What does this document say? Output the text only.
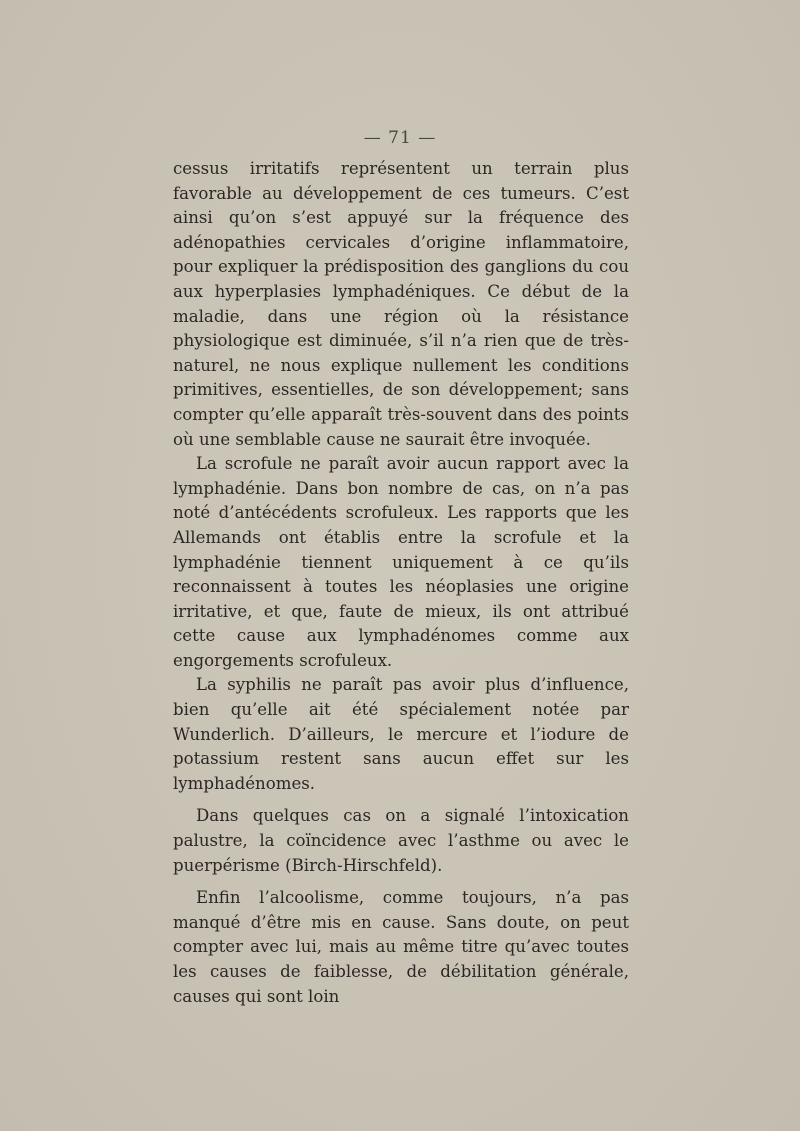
— 71 —

cessus irritatifs représentent un terrain plus favorable au développement de ces tumeurs. C’est ainsi qu’on s’est appuyé sur la fréquence des adénopathies cervicales d’origine inflammatoire, pour expliquer la prédisposition des ganglions du cou aux hyperplasies lymphadéniques. Ce début de la maladie, dans une région où la résistance physiologique est diminuée, s’il n’a rien que de très-naturel, ne nous explique nullement les conditions primitives, essentielles, de son développement; sans compter qu’elle apparaît très-souvent dans des points où une semblable cause ne saurait être invoquée.

La scrofule ne paraît avoir aucun rapport avec la lymphadénie. Dans bon nombre de cas, on n’a pas noté d’antécédents scrofuleux. Les rapports que les Allemands ont établis entre la scrofule et la lymphadénie tiennent uniquement à ce qu’ils reconnaissent à toutes les néoplasies une origine irritative, et que, faute de mieux, ils ont attribué cette cause aux lymphadénomes comme aux engorgements scrofuleux.

La syphilis ne paraît pas avoir plus d’influence, bien qu’elle ait été spécialement notée par Wunderlich. D’ailleurs, le mercure et l’iodure de potassium restent sans aucun effet sur les lymphadénomes.

Dans quelques cas on a signalé l’intoxication palustre, la coïncidence avec l’asthme ou avec le puerpérisme (Birch-Hirschfeld).

Enfin l’alcoolisme, comme toujours, n’a pas manqué d’être mis en cause. Sans doute, on peut compter avec lui, mais au même titre qu’avec toutes les causes de faiblesse, de débilitation générale, causes qui sont loin
